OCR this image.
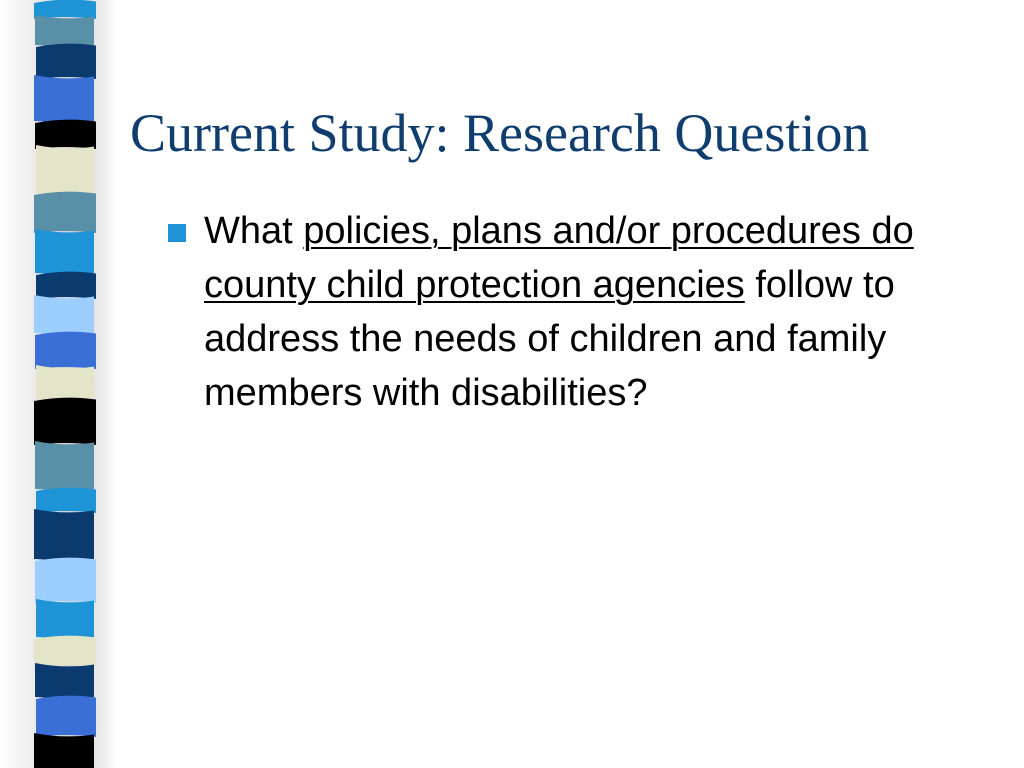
Current Study: Research Question
What policies, plans and/or procedures do county child protection agencies follow to address the needs of children and family members with disabilities?
